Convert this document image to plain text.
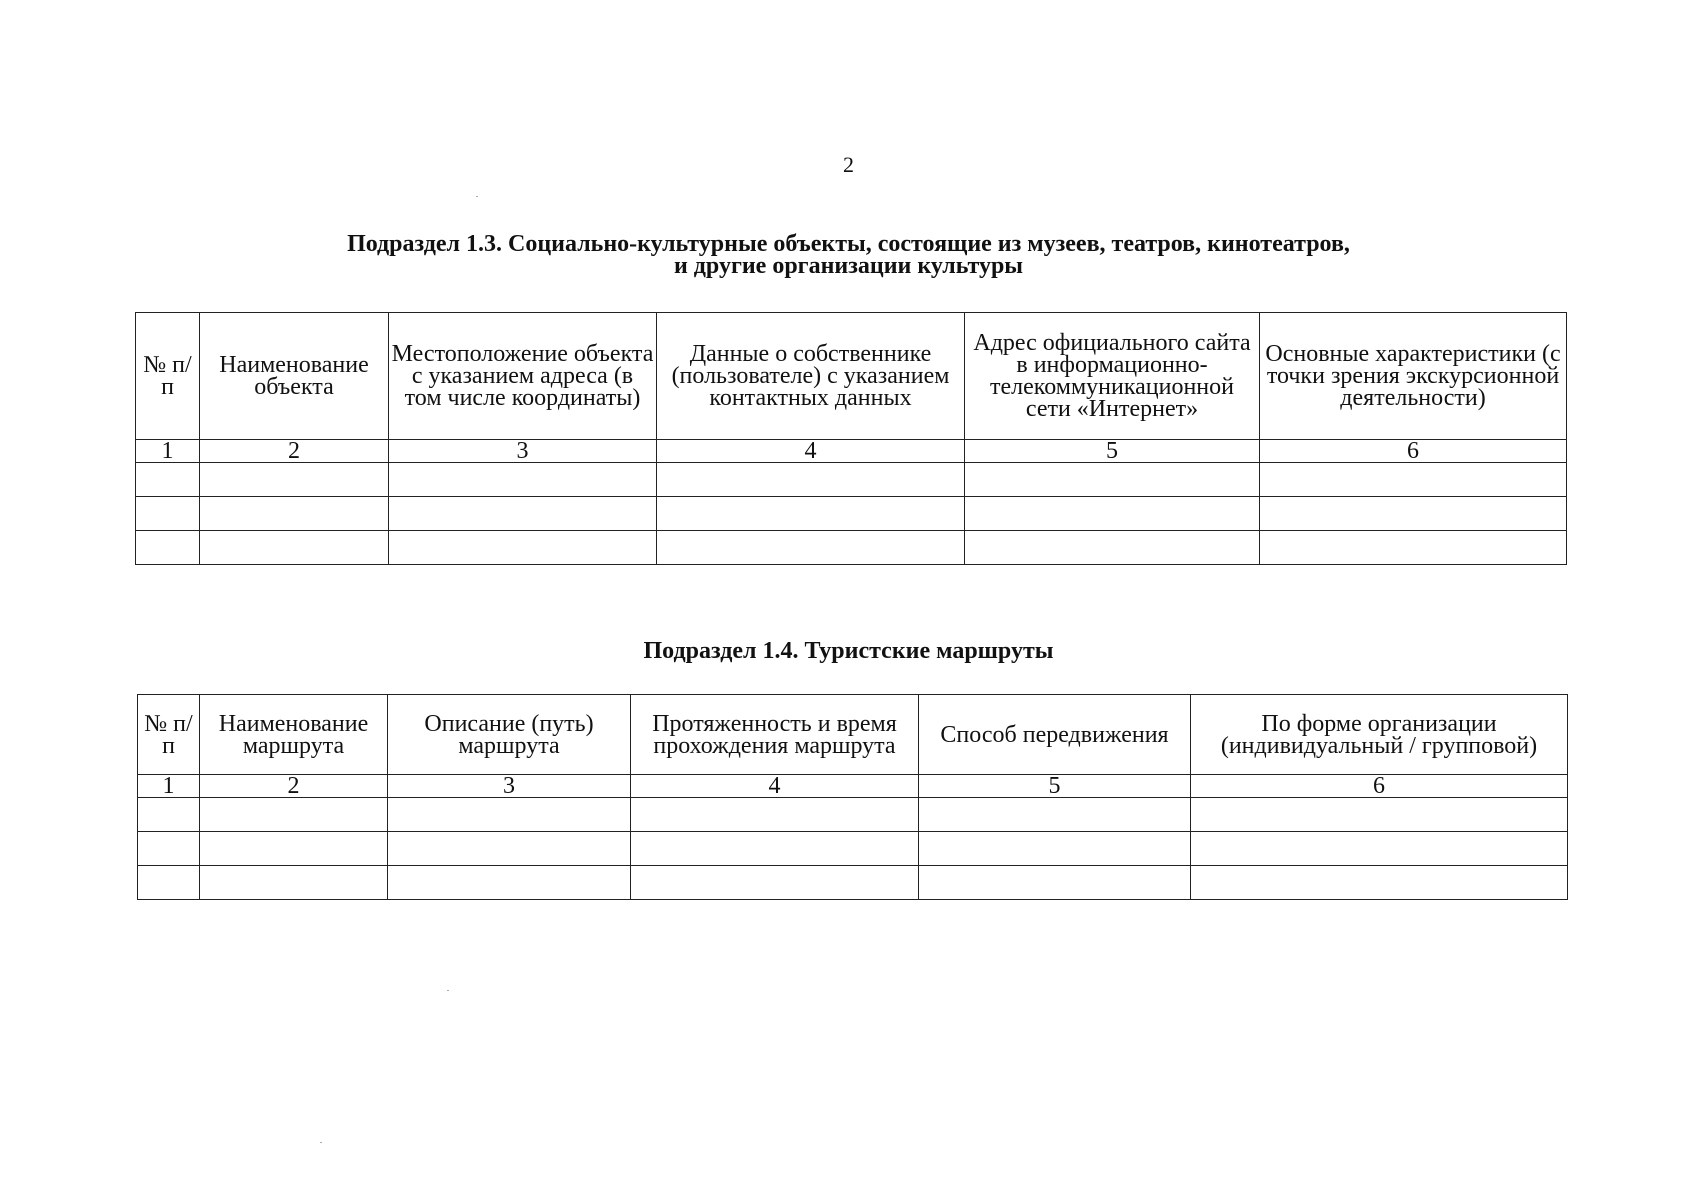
2
Подраздел 1.3. Социально-культурные объекты, состоящие из музеев, театров, кинотеатров,
и другие организации культуры
№ п/п	Наименование объекта	Местоположение объекта с указанием адреса (в том числе координаты)	Данные о собственнике (пользователе) с указанием контактных данных	Адрес официального сайта в информационно-телекоммуникационной сети «Интернет»	Основные характеристики (с точки зрения экскурсионной деятельности)
1	2	3	4	5	6

Подраздел 1.4. Туристские маршруты
№ п/п	Наименование маршрута	Описание (путь) маршрута	Протяженность и время прохождения маршрута	Способ передвижения	По форме организации (индивидуальный / групповой)
1	2	3	4	5	6
